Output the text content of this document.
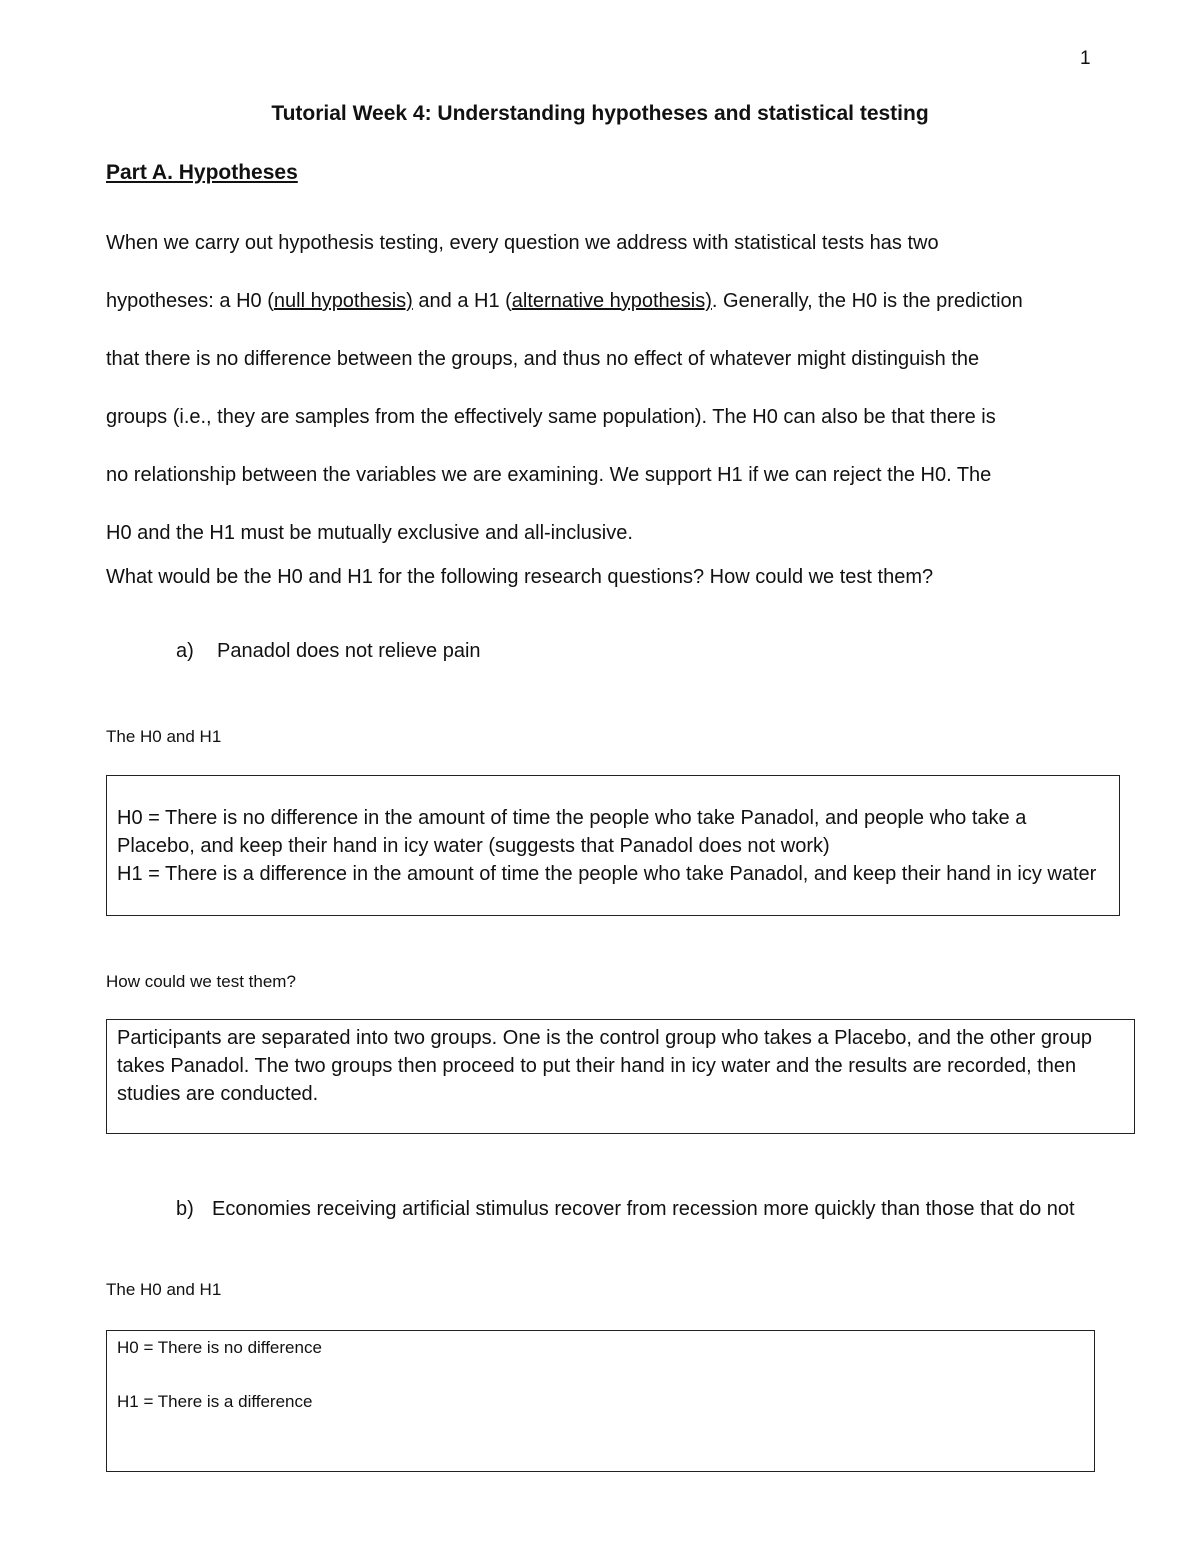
1
Tutorial Week 4: Understanding hypotheses and statistical testing
Part A. Hypotheses
When we carry out hypothesis testing, every question we address with statistical tests has two
hypotheses: a H0 (null hypothesis) and a H1 (alternative hypothesis). Generally, the H0 is the prediction
that there is no difference between the groups, and thus no effect of whatever might distinguish the
groups (i.e., they are samples from the effectively same population). The H0 can also be that there is
no relationship between the variables we are examining. We support H1 if we can reject the H0. The
H0 and the H1 must be mutually exclusive and all-inclusive.
What would be the H0 and H1 for the following research questions? How could we test them?
a) Panadol does not relieve pain
The H0 and H1
H0 = There is no difference in the amount of time the people who take Panadol, and people who take a Placebo, and keep their hand in icy water (suggests that Panadol does not work)
H1 = There is a difference in the amount of time the people who take Panadol, and keep their hand in icy water
How could we test them?
Participants are separated into two groups. One is the control group who takes a Placebo, and the other group takes Panadol. The two groups then proceed to put their hand in icy water and the results are recorded, then studies are conducted.
b) Economies receiving artificial stimulus recover from recession more quickly than those that do not
The H0 and H1
H0 = There is no difference
H1 = There is a difference
